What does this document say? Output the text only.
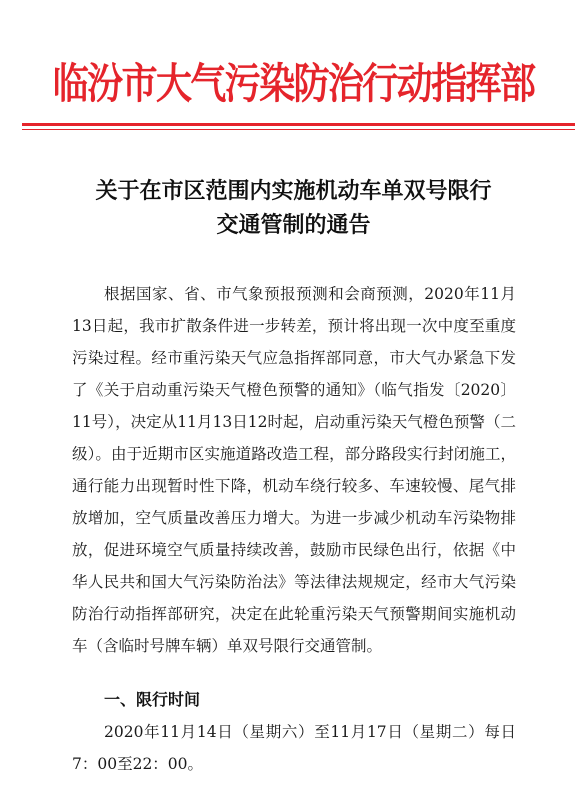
临汾市大气污染防治行动指挥部
关于在市区范围内实施机动车单双号限行
交通管制的通告

根据国家、省、市气象预报预测和会商预测，2020年11月13日起，我市扩散条件进一步转差，预计将出现一次中度至重度污染过程。经市重污染天气应急指挥部同意，市大气办紧急下发了《关于启动重污染天气橙色预警的通知》（临气指发〔2020〕11号），决定从11月13日12时起，启动重污染天气橙色预警（二级）。由于近期市区实施道路改造工程，部分路段实行封闭施工，通行能力出现暂时性下降，机动车绕行较多、车速较慢、尾气排放增加，空气质量改善压力增大。为进一步减少机动车污染物排放，促进环境空气质量持续改善，鼓励市民绿色出行，依据《中华人民共和国大气污染防治法》等法律法规规定，经市大气污染防治行动指挥部研究，决定在此轮重污染天气预警期间实施机动车（含临时号牌车辆）单双号限行交通管制。

一、限行时间

2020年11月14日（星期六）至11月17日（星期二）每日7：00至22：00。
